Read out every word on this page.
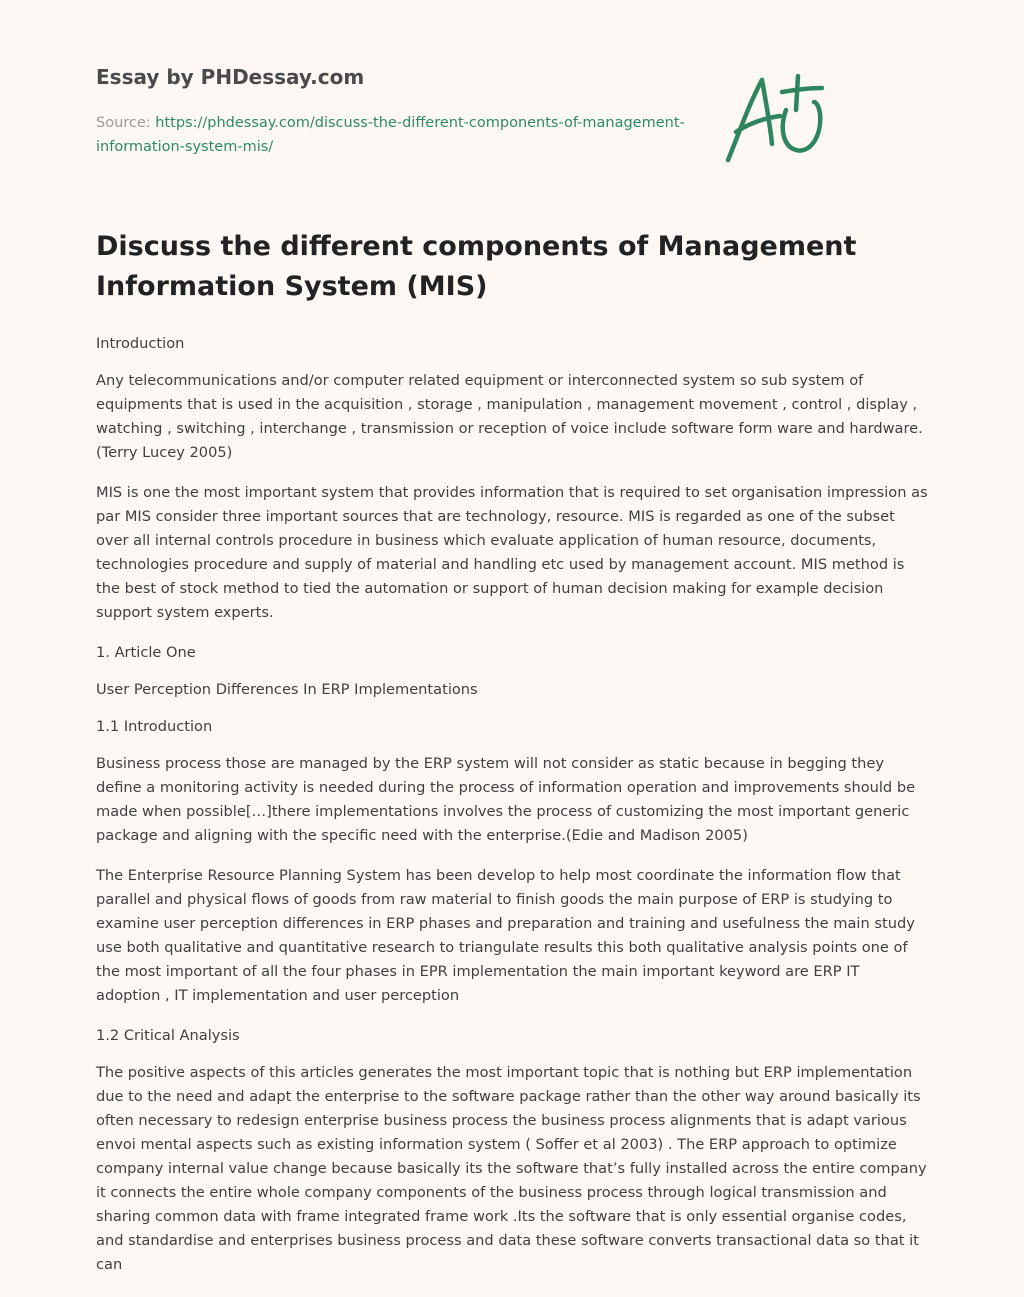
Essay by PHDessay.com
Source: https://phdessay.com/discuss-the-different-components-of-management-information-system-mis/
Discuss the different components of Management Information System (MIS)

Introduction

Any telecommunications and/or computer related equipment or interconnected system so sub system of equipments that is used in the acquisition , storage , manipulation , management movement , control , display , watching , switching , interchange , transmission or reception of voice include software form ware and hardware.(Terry Lucey 2005)

MIS is one the most important system that provides information that is required to set organisation impression as par MIS consider three important sources that are technology, resource. MIS is regarded as one of the subset over all internal controls procedure in business which evaluate application of human resource, documents, technologies procedure and supply of material and handling etc used by management account. MIS method is the best of stock method to tied the automation or support of human decision making for example decision support system experts.

1. Article One

User Perception Differences In ERP Implementations

1.1 Introduction

Business process those are managed by the ERP system will not consider as static because in begging they define a monitoring activity is needed during the process of information operation and improvements should be made when possible[…]there implementations involves the process of customizing the most important generic package and aligning with the specific need with the enterprise.(Edie and Madison 2005)

The Enterprise Resource Planning System has been develop to help most coordinate the information flow that parallel and physical flows of goods from raw material to finish goods the main purpose of ERP is studying to examine user perception differences in ERP phases and preparation and training and usefulness the main study use both qualitative and quantitative research to triangulate results this both qualitative analysis points one of the most important of all the four phases in EPR implementation the main important keyword are ERP IT adoption , IT implementation and user perception

1.2 Critical Analysis

The positive aspects of this articles generates the most important topic that is nothing but ERP implementation due to the need and adapt the enterprise to the software package rather than the other way around basically its often necessary to redesign enterprise business process the business process alignments that is adapt various envoi mental aspects such as existing information system ( Soffer et al 2003) . The ERP approach to optimize company internal value change because basically its the software that’s fully installed across the entire company it connects the entire whole company components of the business process through logical transmission and sharing common data with frame integrated frame work .Its the software that is only essential organise codes, and standardise and enterprises business process and data these software converts transactional data so that it can
